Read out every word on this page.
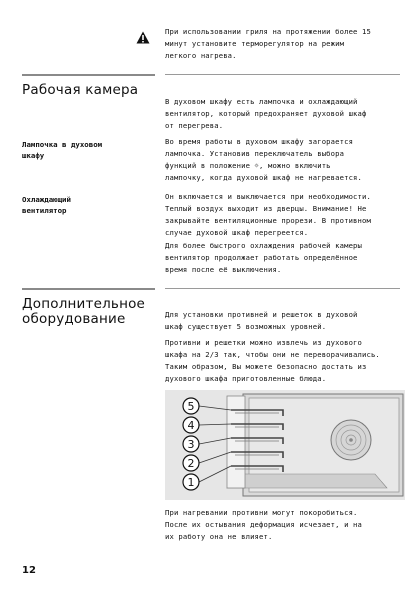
При использовании гриля на протяжении более 15
минут установите терморегулятор на режим
легкого нагрева.
Рабочая камера
В духовом шкафу есть лампочка и охлаждающий
вентилятор, который предохраняет духовой шкаф
от перегрева.
Лампочка в духовом
шкафу
Во время работы в духовом шкафу загорается
лампочка. Установив переключатель выбора
функций в положение ☼, можно включить
лампочку, когда духовой шкаф не нагревается.
Охлаждающий
вентилятор
Он включается и выключается при необходимости.
Теплый воздух выходит из дверцы. Внимание! Не
закрывайте вентиляционные прорези. В противном
случае духовой шкаф перегреется.
Для более быстрого охлаждения рабочей камеры
вентилятор продолжает работать определённое
время после её выключения.
Дополнительное
оборудование	Для установки противней и решеток в духовой
шкаф существует 5 возможных уровней.
Противни и решетки можно извлечь из духового
шкафа на 2/3 так, чтобы они не переворачивались.
Таким образом, Вы можете безопасно достать из
духового шкафа приготовленные блюда.
5
4
3
2
1
При нагревании противни могут покоробиться.
После их остывания деформация исчезает, и на
их работу она не влияет.
12
